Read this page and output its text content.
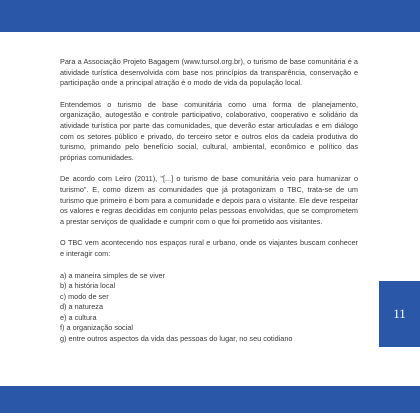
Para a Associação Projeto Bagagem (www.tursol.org.br), o turismo de base comunitária é a atividade turística desenvolvida com base nos princípios da transparência, conservação e participação onde a principal atração é o modo de vida da população local.

Entendemos o turismo de base comunitária como uma forma de planejamento, organização, autogestão e controle participativo, colaborativo, cooperativo e solidário da atividade turística por parte das comunidades, que deverão estar articuladas e em diálogo com os setores público e privado, do terceiro setor e outros elos da cadeia produtiva do turismo, primando pelo benefício social, cultural, ambiental, econômico e político das próprias comunidades.

De acordo com Leiro (2011), "[...] o turismo de base comunitária veio para humanizar o turismo". E, como dizem as comunidades que já protagonizam o TBC, trata-se de um turismo que primeiro é bom para a comunidade e depois para o visitante. Ele deve respeitar os valores e regras decididas em conjunto pelas pessoas envolvidas, que se comprometem a prestar serviços de qualidade e cumprir com o que foi prometido aos visitantes.

O TBC vem acontecendo nos espaços rural e urbano, onde os viajantes buscam conhecer e interagir com:

a) a maneira simples de se viver
b) a história local
c) modo de ser
d) a natureza
e) a cultura
f) a organização social
g) entre outros aspectos da vida das pessoas do lugar, no seu cotidiano
11
